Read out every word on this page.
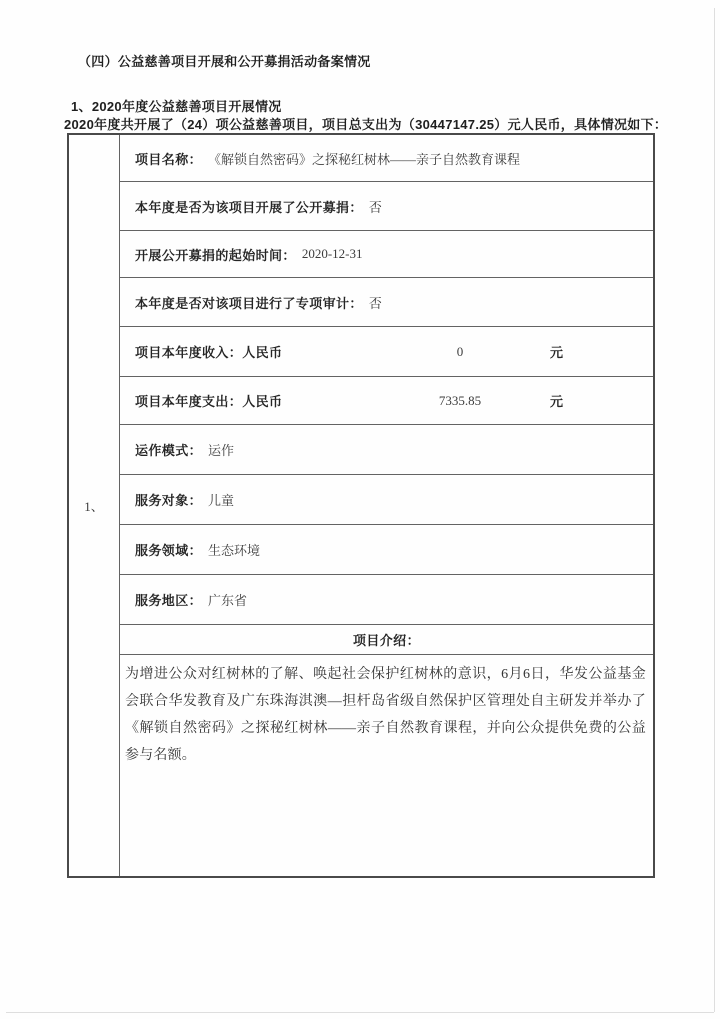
（四）公益慈善项目开展和公开募捐活动备案情况
1、2020年度公益慈善项目开展情况
2020年度共开展了（24）项公益慈善项目，项目总支出为（30447147.25）元人民币，具体情况如下：
1、
项目名称： 《解锁自然密码》之探秘红树林——亲子自然教育课程
本年度是否为该项目开展了公开募捐： 否
开展公开募捐的起始时间： 2020-12-31
本年度是否对该项目进行了专项审计： 否
项目本年度收入：人民币	0	元
项目本年度支出：人民币	7335.85	元
运作模式： 运作
服务对象： 儿童
服务领域： 生态环境
服务地区： 广东省
项目介绍：
为增进公众对红树林的了解、唤起社会保护红树林的意识，6月6日，华发公益基金会联合华发教育及广东珠海淇澳—担杆岛省级自然保护区管理处自主研发并举办了《解锁自然密码》之探秘红树林——亲子自然教育课程，并向公众提供免费的公益参与名额。
